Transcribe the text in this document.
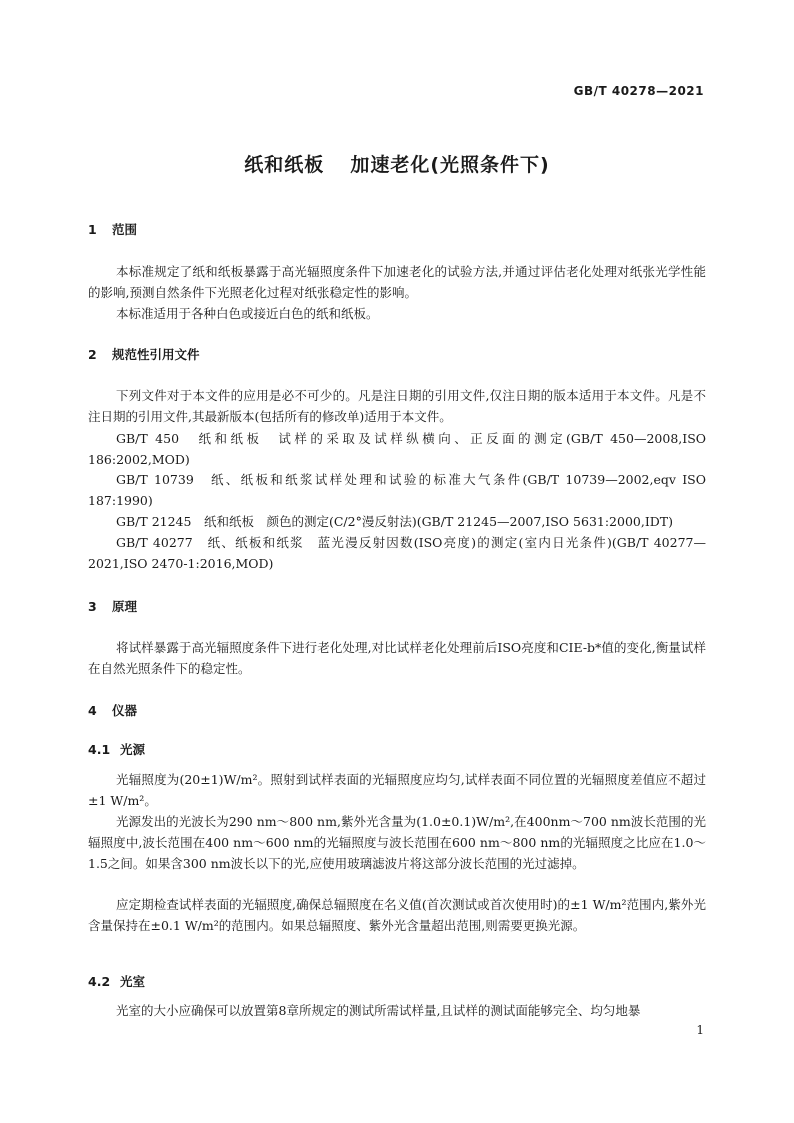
GB/T 40278—2021
纸和纸板 加速老化(光照条件下)
1 范围
本标准规定了纸和纸板暴露于高光辐照度条件下加速老化的试验方法,并通过评估老化处理对纸张光学性能的影响,预测自然条件下光照老化过程对纸张稳定性的影响。
本标准适用于各种白色或接近白色的纸和纸板。
2 规范性引用文件
下列文件对于本文件的应用是必不可少的。凡是注日期的引用文件,仅注日期的版本适用于本文件。凡是不注日期的引用文件,其最新版本(包括所有的修改单)适用于本文件。
GB/T 450　纸和纸板　试样的采取及试样纵横向、正反面的测定(GB/T 450—2008,ISO 186:2002,MOD)
GB/T 10739　纸、纸板和纸浆试样处理和试验的标准大气条件(GB/T 10739—2002,eqv ISO 187:1990)
GB/T 21245　纸和纸板　颜色的测定(C/2°漫反射法)(GB/T 21245—2007,ISO 5631:2000,IDT)
GB/T 40277　纸、纸板和纸浆　蓝光漫反射因数(ISO亮度)的测定(室内日光条件)(GB/T 40277—2021,ISO 2470-1:2016,MOD)
3 原理
将试样暴露于高光辐照度条件下进行老化处理,对比试样老化处理前后ISO亮度和CIE-b*值的变化,衡量试样在自然光照条件下的稳定性。
4 仪器
4.1 光源
光辐照度为(20±1)W/m²。照射到试样表面的光辐照度应均匀,试样表面不同位置的光辐照度差值应不超过±1 W/m²。
光源发出的光波长为290 nm～800 nm,紫外光含量为(1.0±0.1)W/m²,在400nm～700 nm波长范围的光辐照度中,波长范围在400 nm～600 nm的光辐照度与波长范围在600 nm～800 nm的光辐照度之比应在1.0～1.5之间。如果含300 nm波长以下的光,应使用玻璃滤波片将这部分波长范围的光过滤掉。
应定期检查试样表面的光辐照度,确保总辐照度在名义值(首次测试或首次使用时)的±1 W/m²范围内,紫外光含量保持在±0.1 W/m²的范围内。如果总辐照度、紫外光含量超出范围,则需要更换光源。
4.2 光室
光室的大小应确保可以放置第8章所规定的测试所需试样量,且试样的测试面能够完全、均匀地暴
1
